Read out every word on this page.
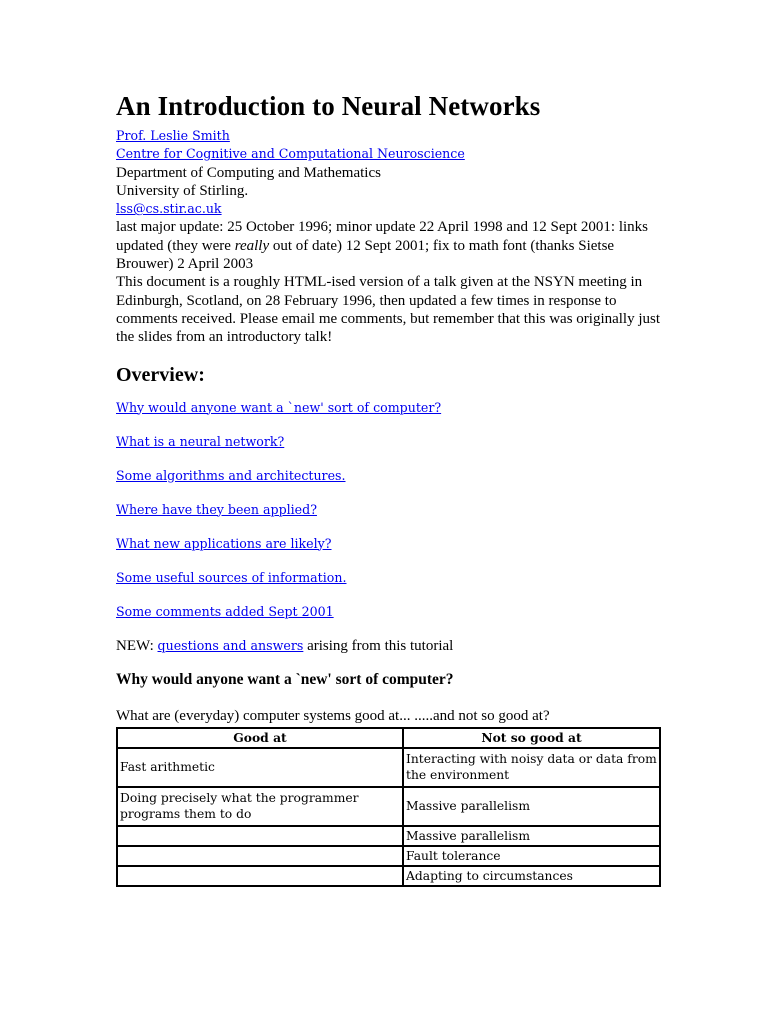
An Introduction to Neural Networks
Prof. Leslie Smith
Centre for Cognitive and Computational Neuroscience
Department of Computing and Mathematics
University of Stirling.
lss@cs.stir.ac.uk
last major update: 25 October 1996; minor update 22 April 1998 and 12 Sept 2001: links updated (they were really out of date) 12 Sept 2001; fix to math font (thanks Sietse Brouwer) 2 April 2003
This document is a roughly HTML-ised version of a talk given at the NSYN meeting in Edinburgh, Scotland, on 28 February 1996, then updated a few times in response to comments received. Please email me comments, but remember that this was originally just the slides from an introductory talk!
Overview:
Why would anyone want a `new' sort of computer?
What is a neural network?
Some algorithms and architectures.
Where have they been applied?
What new applications are likely?
Some useful sources of information.
Some comments added Sept 2001
NEW: questions and answers arising from this tutorial
Why would anyone want a `new' sort of computer?
What are (everyday) computer systems good at... .....and not so good at?
Good at	Not so good at
Fast arithmetic	Interacting with noisy data or data from the environment
Doing precisely what the programmer programs them to do	Massive parallelism
	Massive parallelism
	Fault tolerance
	Adapting to circumstances
